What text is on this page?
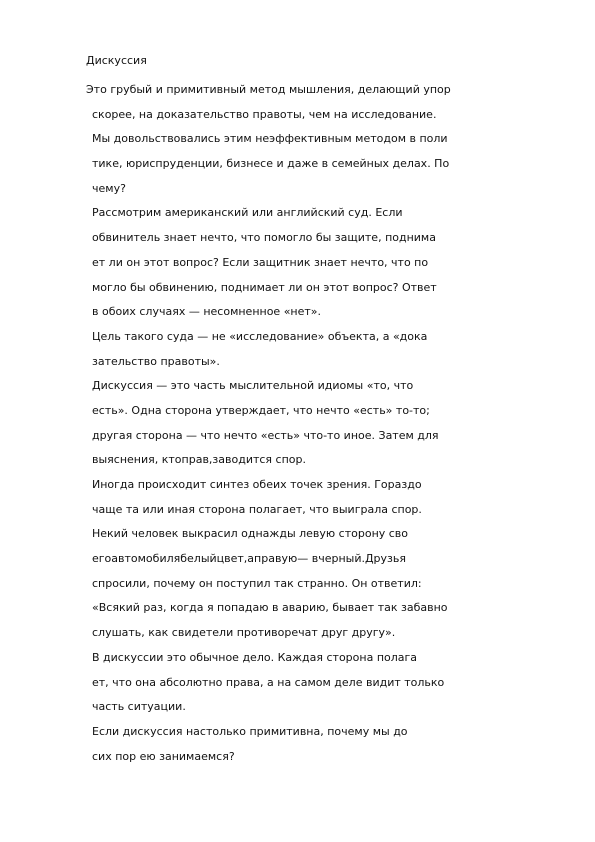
Дискуссия
Это грубый и примитивный метод мышления, делающий упор
скорее, на доказательство правоты, чем на исследование.
Мы довольствовались этим неэффективным методом в поли
тике, юриспруденции, бизнесе и даже в семейных делах. По
чему?
Рассмотрим американский или английский суд. Если
обвинитель знает нечто, что помогло бы защите, поднима
ет ли он этот вопрос? Если защитник знает нечто, что по
могло бы обвинению, поднимает ли он этот вопрос? Ответ
в обоих случаях — несомненное «нет».
Цель такого суда — не «исследование» объекта, а «дока
зательство правоты».
Дискуссия — это часть мыслительной идиомы «то, что
есть». Одна сторона утверждает, что нечто «есть» то-то;
другая сторона — что нечто «есть» что-то иное. Затем для
выяснения, ктоправ,заводится спор.
Иногда происходит синтез обеих точек зрения. Гораздо
чаще та или иная сторона полагает, что выиграла спор.
Некий человек выкрасил однажды левую сторону сво
егоавтомобилябелыйцвет,аправую— вчерный.Друзья
спросили, почему он поступил так странно. Он ответил:
«Всякий раз, когда я попадаю в аварию, бывает так забавно
слушать, как свидетели противоречат друг другу».
В дискуссии это обычное дело. Каждая сторона полага
ет, что она абсолютно права, а на самом деле видит только
часть ситуации.
Если дискуссия настолько примитивна, почему мы до
сих пор ею занимаемся?
